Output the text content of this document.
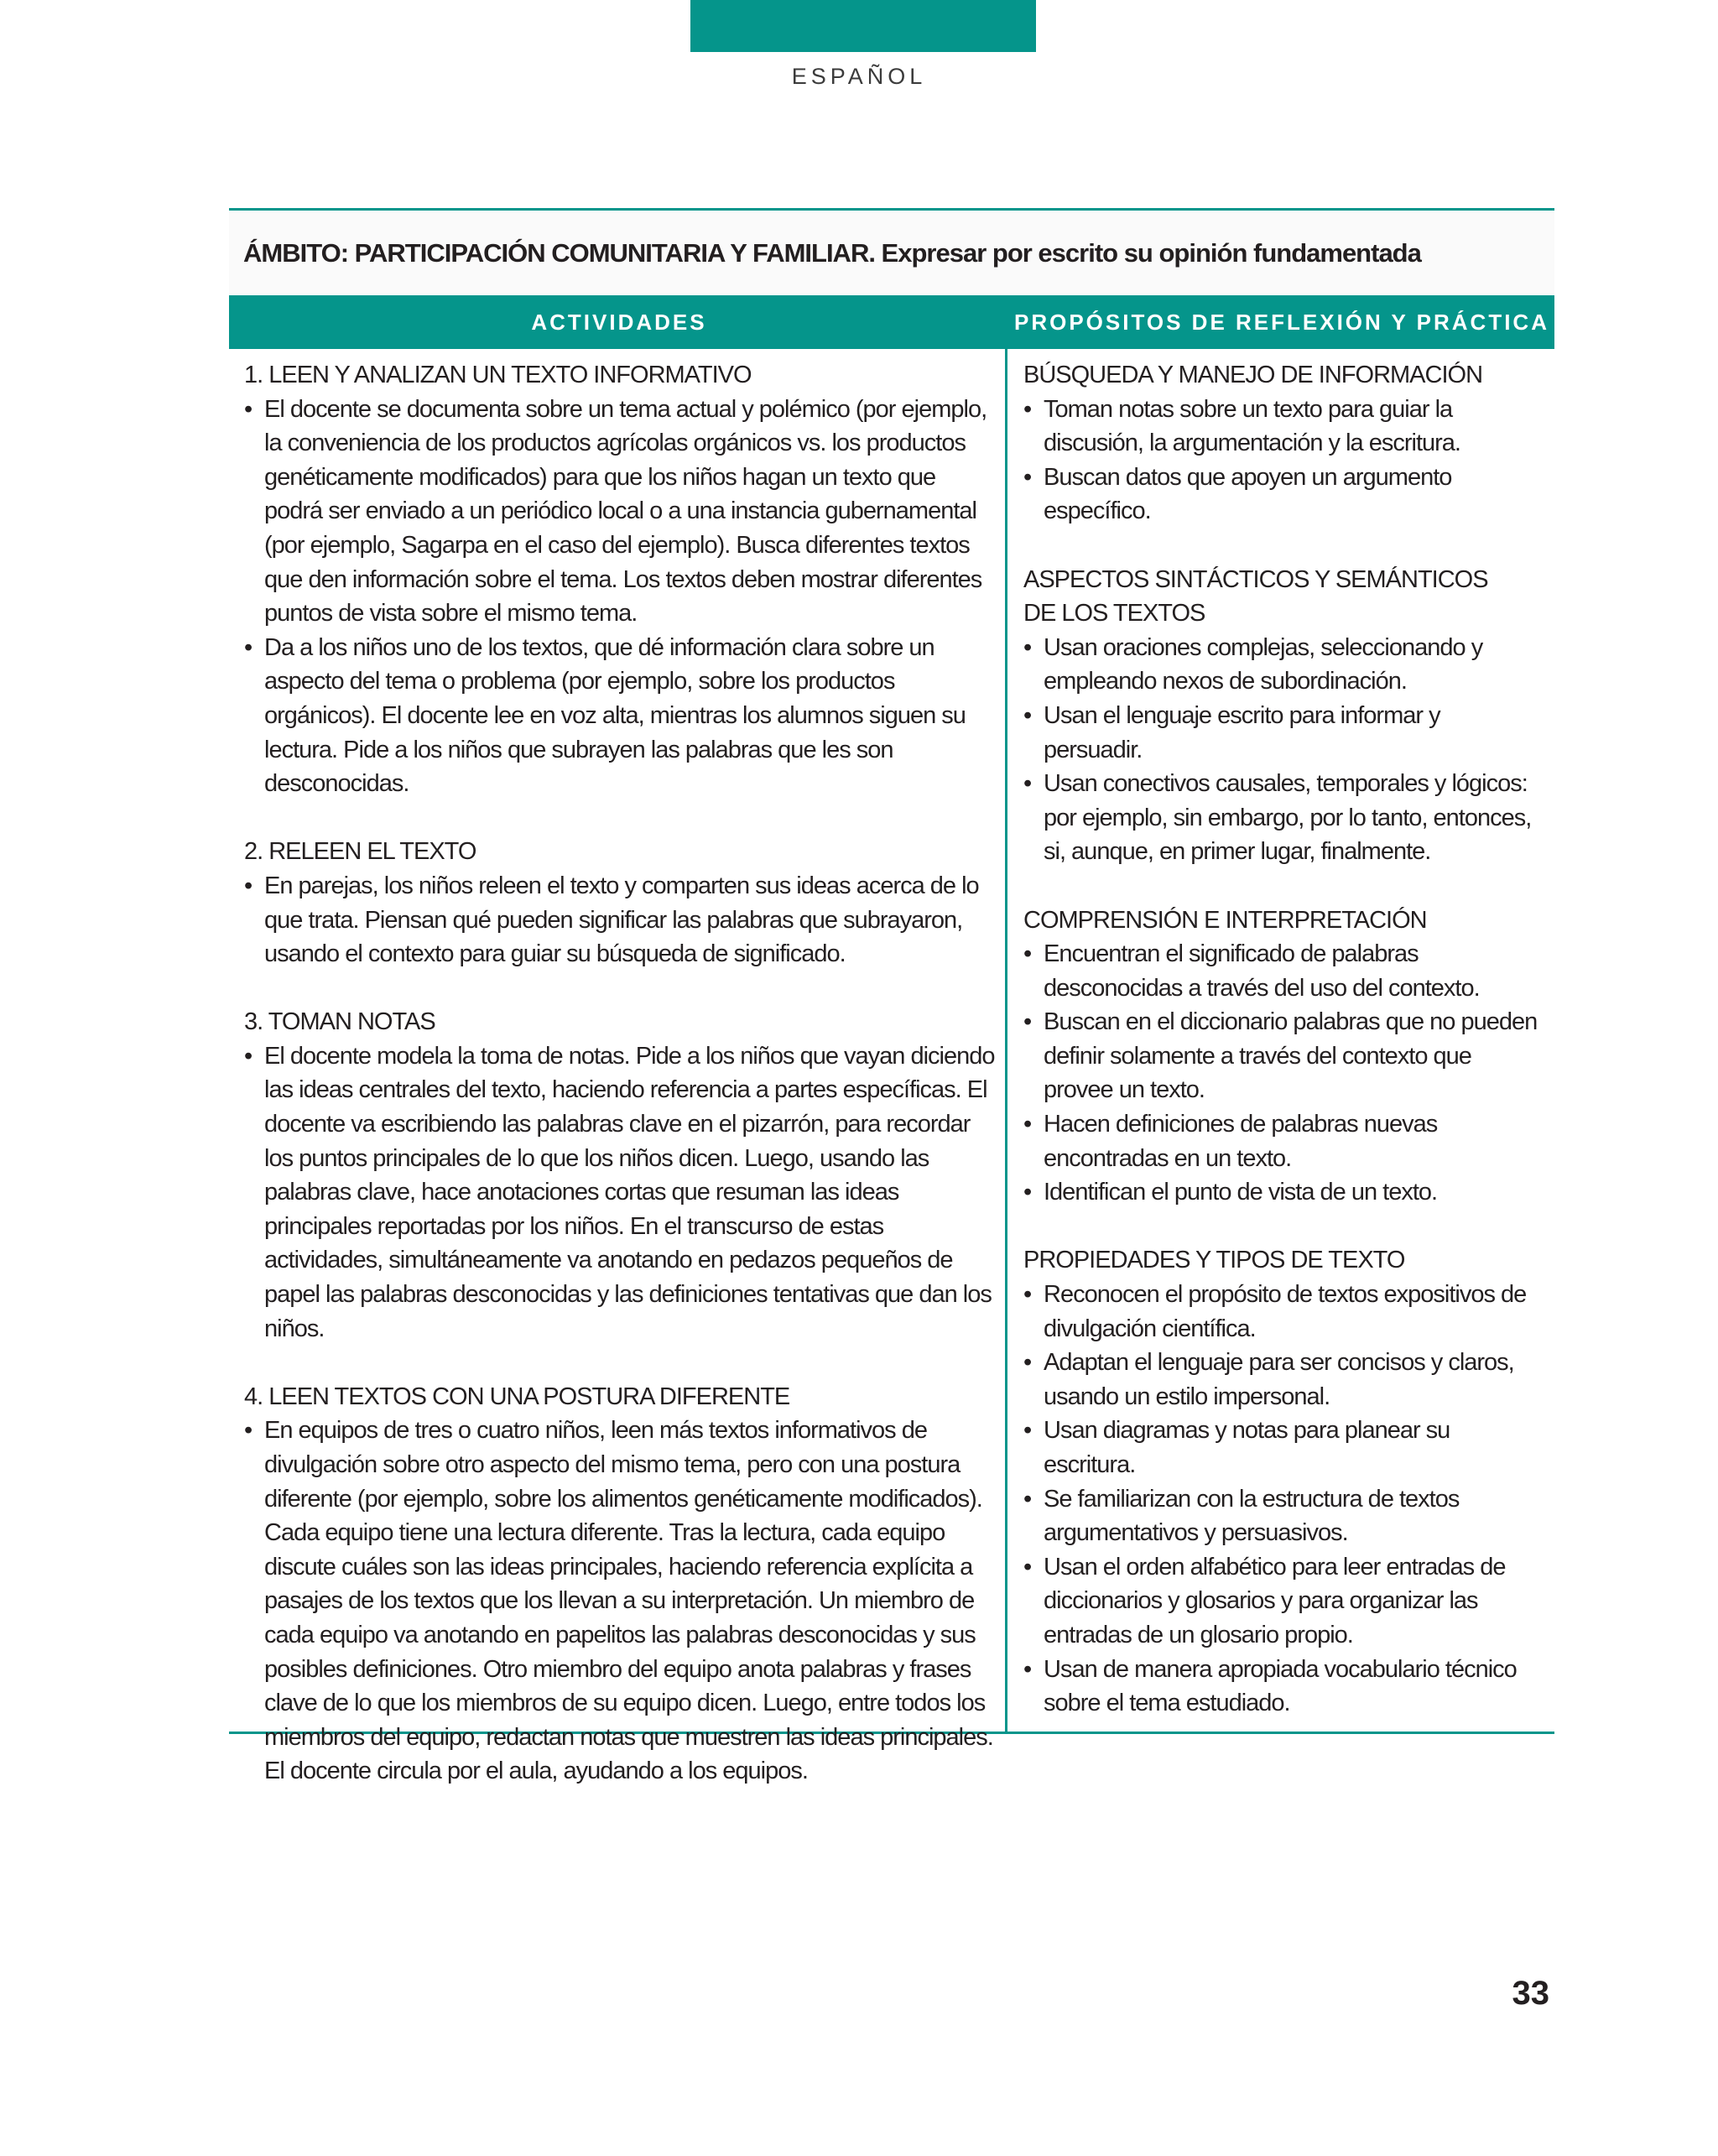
ESPAÑOL
ÁMBITO: PARTICIPACIÓN COMUNITARIA Y FAMILIAR. Expresar por escrito su opinión fundamentada
ACTIVIDADES	PROPÓSITOS DE REFLEXIÓN Y PRÁCTICA
1. LEEN Y ANALIZAN UN TEXTO INFORMATIVO
• El docente se documenta sobre un tema actual y polémico (por ejemplo, la conveniencia de los productos agrícolas orgánicos vs. los productos genéticamente modificados) para que los niños hagan un texto que podrá ser enviado a un periódico local o a una instancia gubernamental (por ejemplo, Sagarpa en el caso del ejemplo). Busca diferentes textos que den información sobre el tema. Los textos deben mostrar diferentes puntos de vista sobre el mismo tema.
• Da a los niños uno de los textos, que dé información clara sobre un aspecto del tema o problema (por ejemplo, sobre los productos orgánicos). El docente lee en voz alta, mientras los alumnos siguen su lectura. Pide a los niños que subrayen las palabras que les son desconocidas.
2. RELEEN EL TEXTO
• En parejas, los niños releen el texto y comparten sus ideas acerca de lo que trata. Piensan qué pueden significar las palabras que subrayaron, usando el contexto para guiar su búsqueda de significado.
3. TOMAN NOTAS
• El docente modela la toma de notas. Pide a los niños que vayan diciendo las ideas centrales del texto, haciendo referencia a partes específicas. El docente va escribiendo las palabras clave en el pizarrón, para recordar los puntos principales de lo que los niños dicen. Luego, usando las palabras clave, hace anotaciones cortas que resuman las ideas principales reportadas por los niños. En el transcurso de estas actividades, simultáneamente va anotando en pedazos pequeños de papel las palabras desconocidas y las definiciones tentativas que dan los niños.
4. LEEN TEXTOS CON UNA POSTURA DIFERENTE
• En equipos de tres o cuatro niños, leen más textos informativos de divulgación sobre otro aspecto del mismo tema, pero con una postura diferente (por ejemplo, sobre los alimentos genéticamente modificados). Cada equipo tiene una lectura diferente. Tras la lectura, cada equipo discute cuáles son las ideas principales, haciendo referencia explícita a pasajes de los textos que los llevan a su interpretación. Un miembro de cada equipo va anotando en papelitos las palabras desconocidas y sus posibles definiciones. Otro miembro del equipo anota palabras y frases clave de lo que los miembros de su equipo dicen. Luego, entre todos los miembros del equipo, redactan notas que muestren las ideas principales. El docente circula por el aula, ayudando a los equipos.
BÚSQUEDA Y MANEJO DE INFORMACIÓN
• Toman notas sobre un texto para guiar la discusión, la argumentación y la escritura.
• Buscan datos que apoyen un argumento específico.
ASPECTOS SINTÁCTICOS Y SEMÁNTICOS
DE LOS TEXTOS
• Usan oraciones complejas, seleccionando y empleando nexos de subordinación.
• Usan el lenguaje escrito para informar y persuadir.
• Usan conectivos causales, temporales y lógicos: por ejemplo, sin embargo, por lo tanto, entonces, si, aunque, en primer lugar, finalmente.
COMPRENSIÓN E INTERPRETACIÓN
• Encuentran el significado de palabras desconocidas a través del uso del contexto.
• Buscan en el diccionario palabras que no pueden definir solamente a través del contexto que provee un texto.
• Hacen definiciones de palabras nuevas encontradas en un texto.
• Identifican el punto de vista de un texto.
PROPIEDADES Y TIPOS DE TEXTO
• Reconocen el propósito de textos expositivos de divulgación científica.
• Adaptan el lenguaje para ser concisos y claros, usando un estilo impersonal.
• Usan diagramas y notas para planear su escritura.
• Se familiarizan con la estructura de textos argumentativos y persuasivos.
• Usan el orden alfabético para leer entradas de diccionarios y glosarios y para organizar las entradas de un glosario propio.
• Usan de manera apropiada vocabulario técnico sobre el tema estudiado.
33
